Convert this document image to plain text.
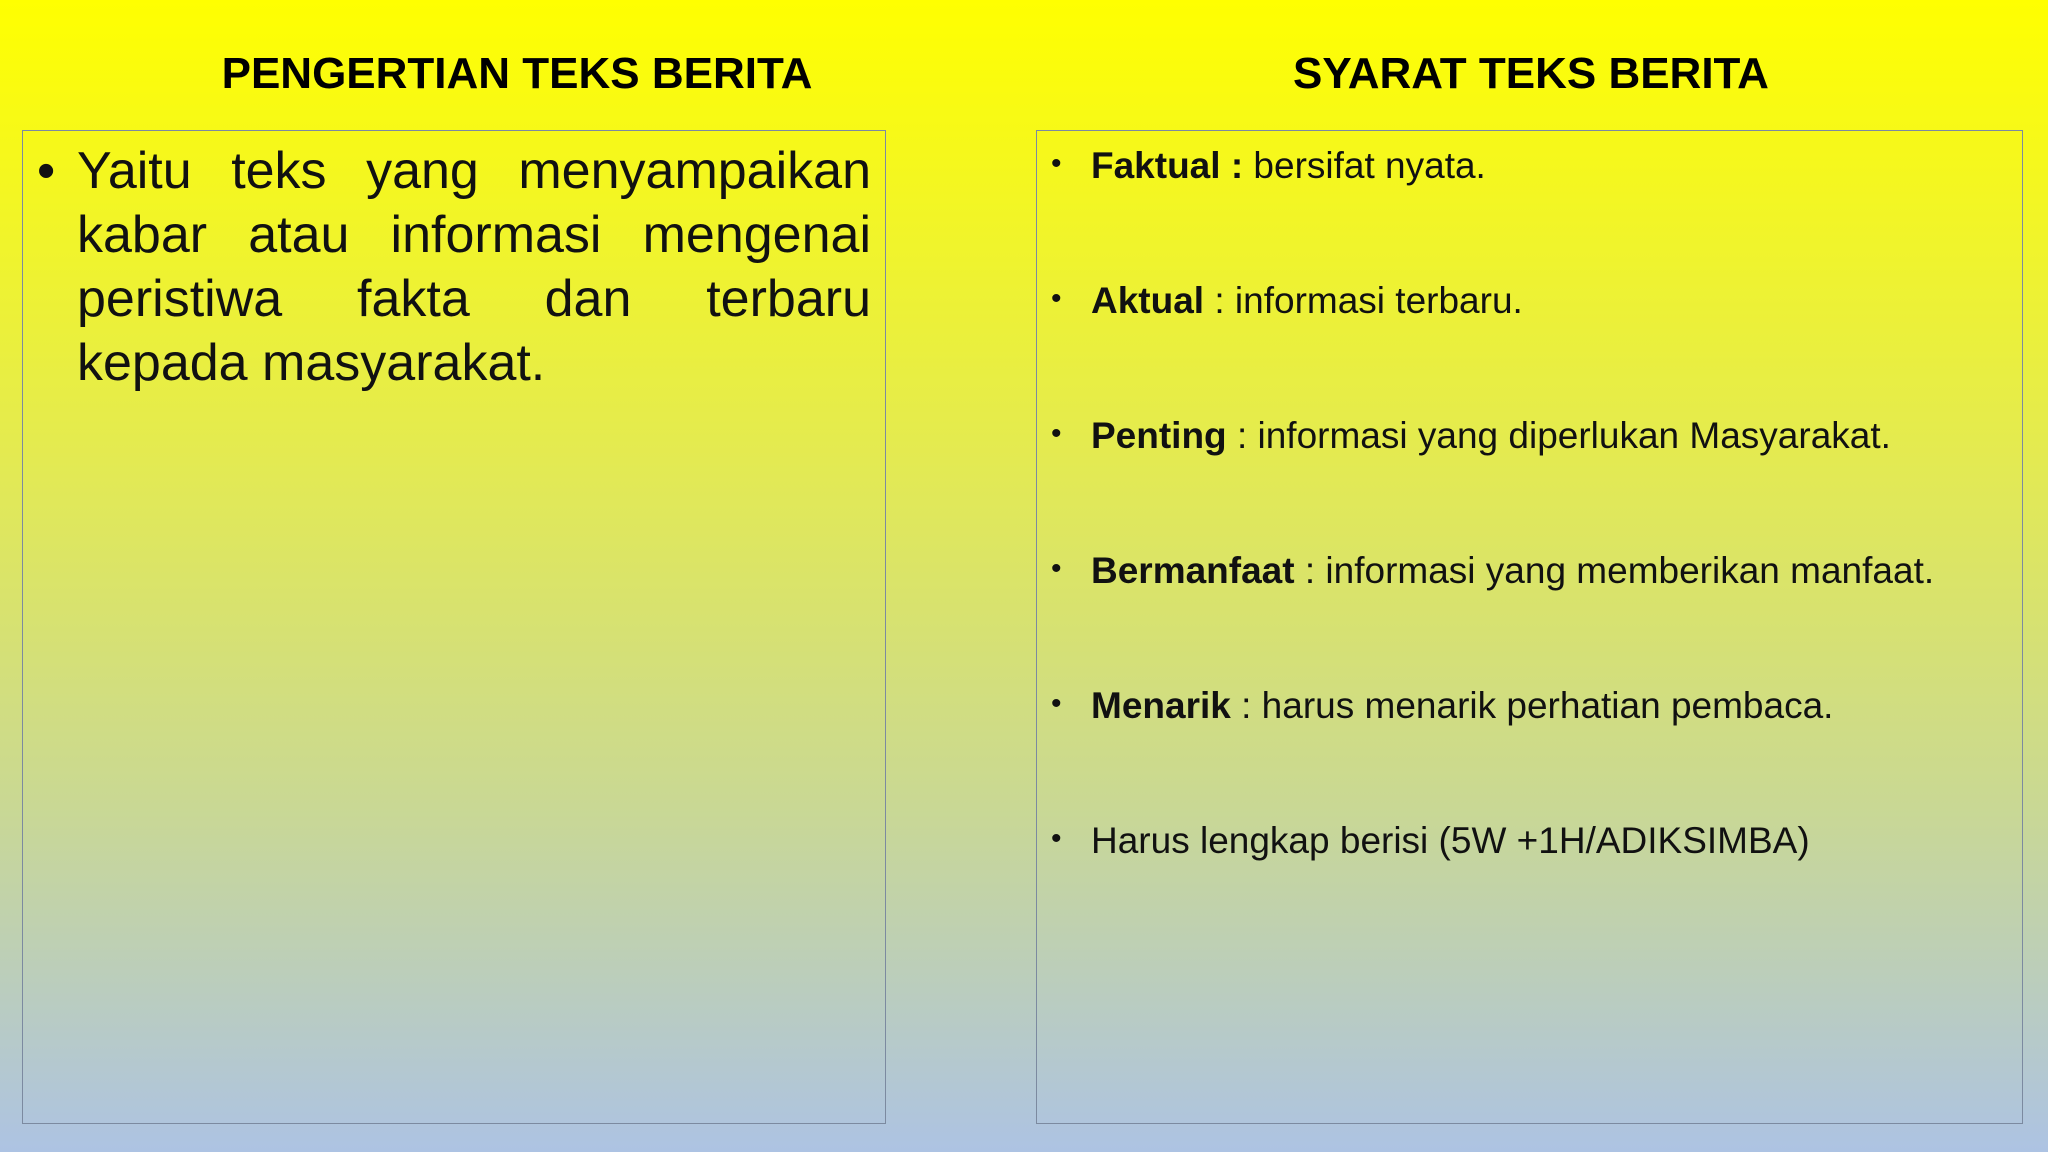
PENGERTIAN TEKS BERITA	SYARAT TEKS BERITA
• Yaitu teks yang menyampaikan kabar atau informasi mengenai peristiwa fakta dan terbaru kepada masyarakat.
• Faktual : bersifat nyata.
• Aktual : informasi terbaru.
• Penting : informasi yang diperlukan Masyarakat.
• Bermanfaat : informasi yang memberikan manfaat.
• Menarik : harus menarik perhatian pembaca.
• Harus lengkap berisi (5W +1H/ADIKSIMBA)
